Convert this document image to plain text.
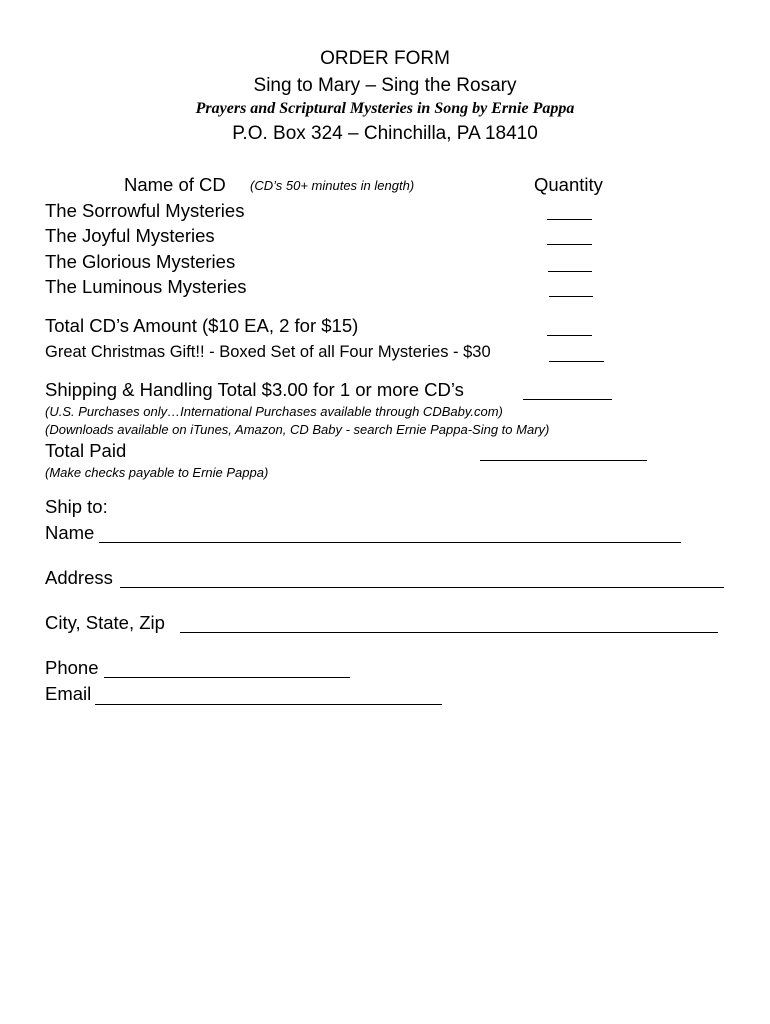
ORDER FORM
Sing to Mary – Sing the Rosary
Prayers and Scriptural Mysteries in Song by Ernie Pappa
P.O. Box 324 – Chinchilla, PA 18410
Name of CD (CD’s 50+ minutes in length)	Quantity
The Sorrowful Mysteries
The Joyful Mysteries
The Glorious Mysteries
The Luminous Mysteries
Total CD’s Amount ($10 EA, 2 for $15)
Great Christmas Gift!! - Boxed Set of all Four Mysteries - $30
Shipping & Handling Total $3.00 for 1 or more CD’s
(U.S. Purchases only…International Purchases available through CDBaby.com)
(Downloads available on iTunes, Amazon, CD Baby - search Ernie Pappa-Sing to Mary)
Total Paid
(Make checks payable to Ernie Pappa)
Ship to:
Name
Address
City, State, Zip
Phone
Email
